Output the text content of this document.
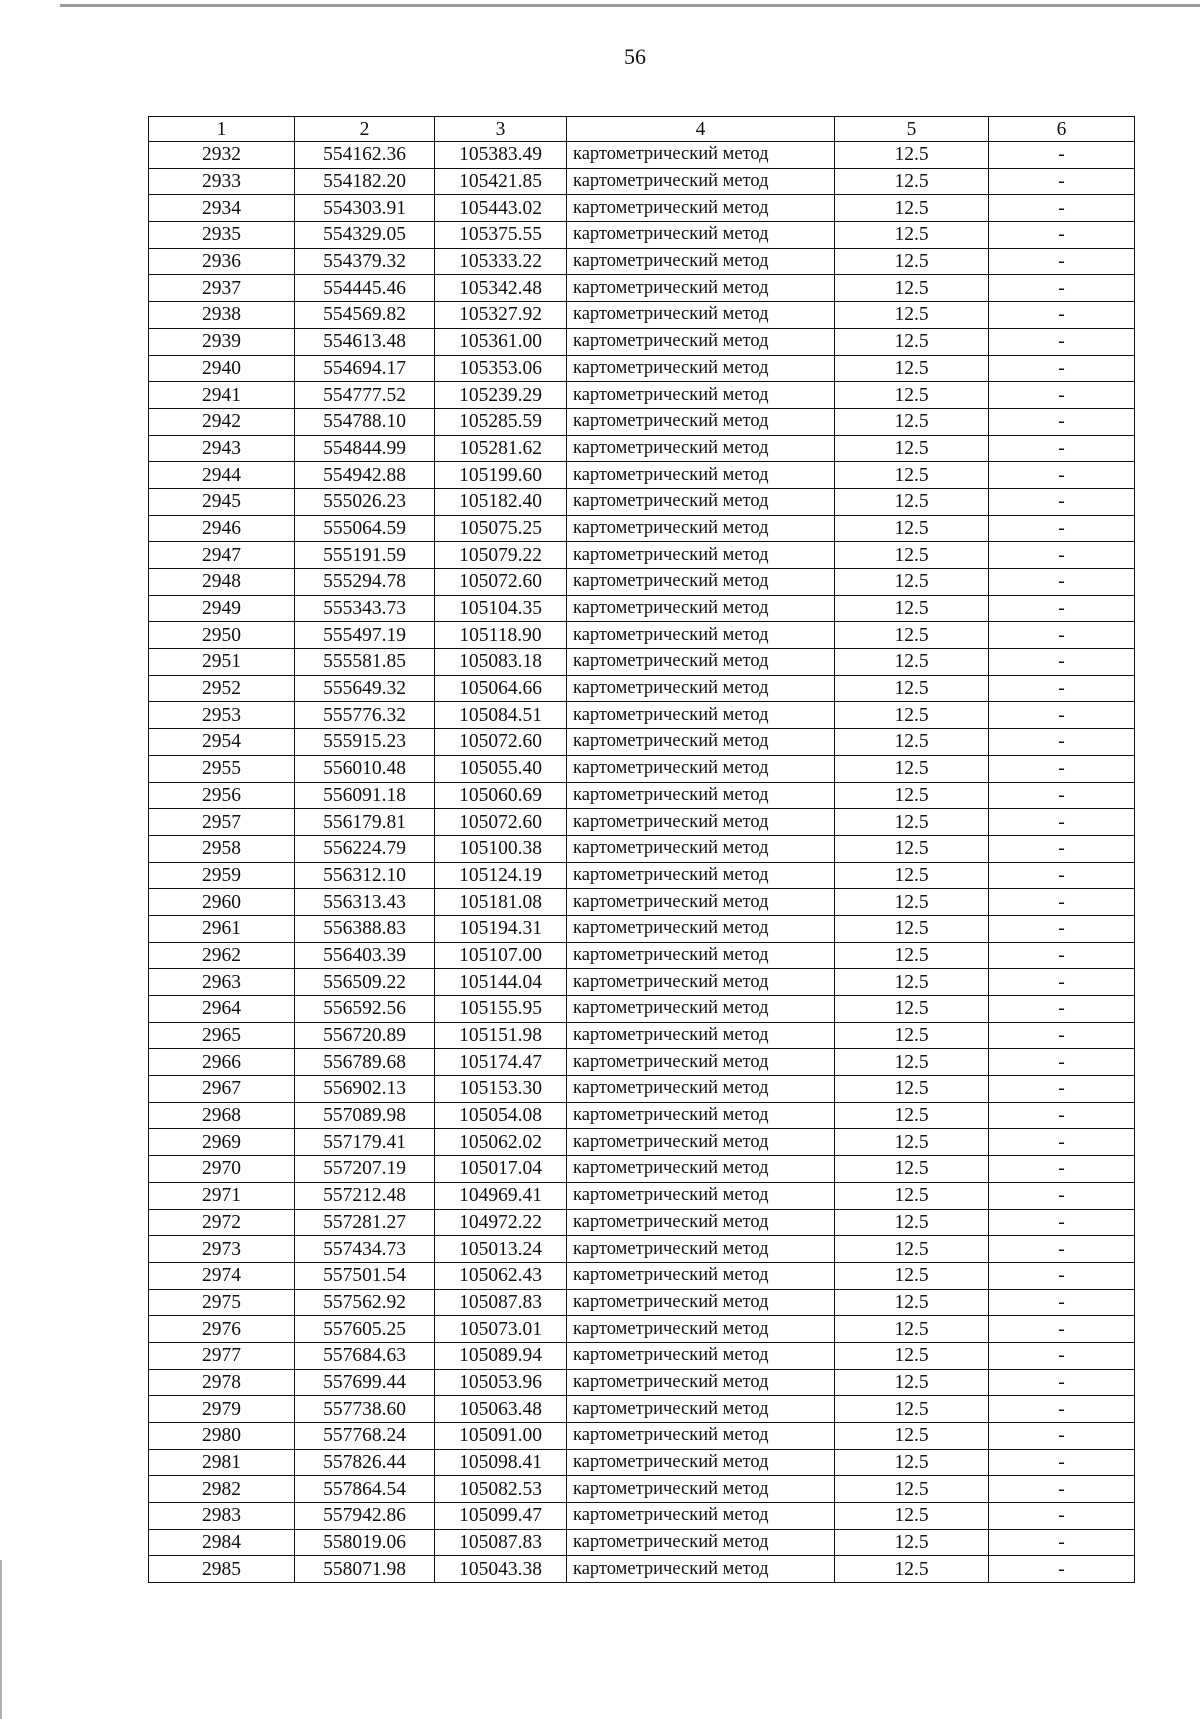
56
1	2	3	4	5	6
2932	554162.36	105383.49	картометрический метод	12.5	-
2933	554182.20	105421.85	картометрический метод	12.5	-
2934	554303.91	105443.02	картометрический метод	12.5	-
2935	554329.05	105375.55	картометрический метод	12.5	-
2936	554379.32	105333.22	картометрический метод	12.5	-
2937	554445.46	105342.48	картометрический метод	12.5	-
2938	554569.82	105327.92	картометрический метод	12.5	-
2939	554613.48	105361.00	картометрический метод	12.5	-
2940	554694.17	105353.06	картометрический метод	12.5	-
2941	554777.52	105239.29	картометрический метод	12.5	-
2942	554788.10	105285.59	картометрический метод	12.5	-
2943	554844.99	105281.62	картометрический метод	12.5	-
2944	554942.88	105199.60	картометрический метод	12.5	-
2945	555026.23	105182.40	картометрический метод	12.5	-
2946	555064.59	105075.25	картометрический метод	12.5	-
2947	555191.59	105079.22	картометрический метод	12.5	-
2948	555294.78	105072.60	картометрический метод	12.5	-
2949	555343.73	105104.35	картометрический метод	12.5	-
2950	555497.19	105118.90	картометрический метод	12.5	-
2951	555581.85	105083.18	картометрический метод	12.5	-
2952	555649.32	105064.66	картометрический метод	12.5	-
2953	555776.32	105084.51	картометрический метод	12.5	-
2954	555915.23	105072.60	картометрический метод	12.5	-
2955	556010.48	105055.40	картометрический метод	12.5	-
2956	556091.18	105060.69	картометрический метод	12.5	-
2957	556179.81	105072.60	картометрический метод	12.5	-
2958	556224.79	105100.38	картометрический метод	12.5	-
2959	556312.10	105124.19	картометрический метод	12.5	-
2960	556313.43	105181.08	картометрический метод	12.5	-
2961	556388.83	105194.31	картометрический метод	12.5	-
2962	556403.39	105107.00	картометрический метод	12.5	-
2963	556509.22	105144.04	картометрический метод	12.5	-
2964	556592.56	105155.95	картометрический метод	12.5	-
2965	556720.89	105151.98	картометрический метод	12.5	-
2966	556789.68	105174.47	картометрический метод	12.5	-
2967	556902.13	105153.30	картометрический метод	12.5	-
2968	557089.98	105054.08	картометрический метод	12.5	-
2969	557179.41	105062.02	картометрический метод	12.5	-
2970	557207.19	105017.04	картометрический метод	12.5	-
2971	557212.48	104969.41	картометрический метод	12.5	-
2972	557281.27	104972.22	картометрический метод	12.5	-
2973	557434.73	105013.24	картометрический метод	12.5	-
2974	557501.54	105062.43	картометрический метод	12.5	-
2975	557562.92	105087.83	картометрический метод	12.5	-
2976	557605.25	105073.01	картометрический метод	12.5	-
2977	557684.63	105089.94	картометрический метод	12.5	-
2978	557699.44	105053.96	картометрический метод	12.5	-
2979	557738.60	105063.48	картометрический метод	12.5	-
2980	557768.24	105091.00	картометрический метод	12.5	-
2981	557826.44	105098.41	картометрический метод	12.5	-
2982	557864.54	105082.53	картометрический метод	12.5	-
2983	557942.86	105099.47	картометрический метод	12.5	-
2984	558019.06	105087.83	картометрический метод	12.5	-
2985	558071.98	105043.38	картометрический метод	12.5	-
